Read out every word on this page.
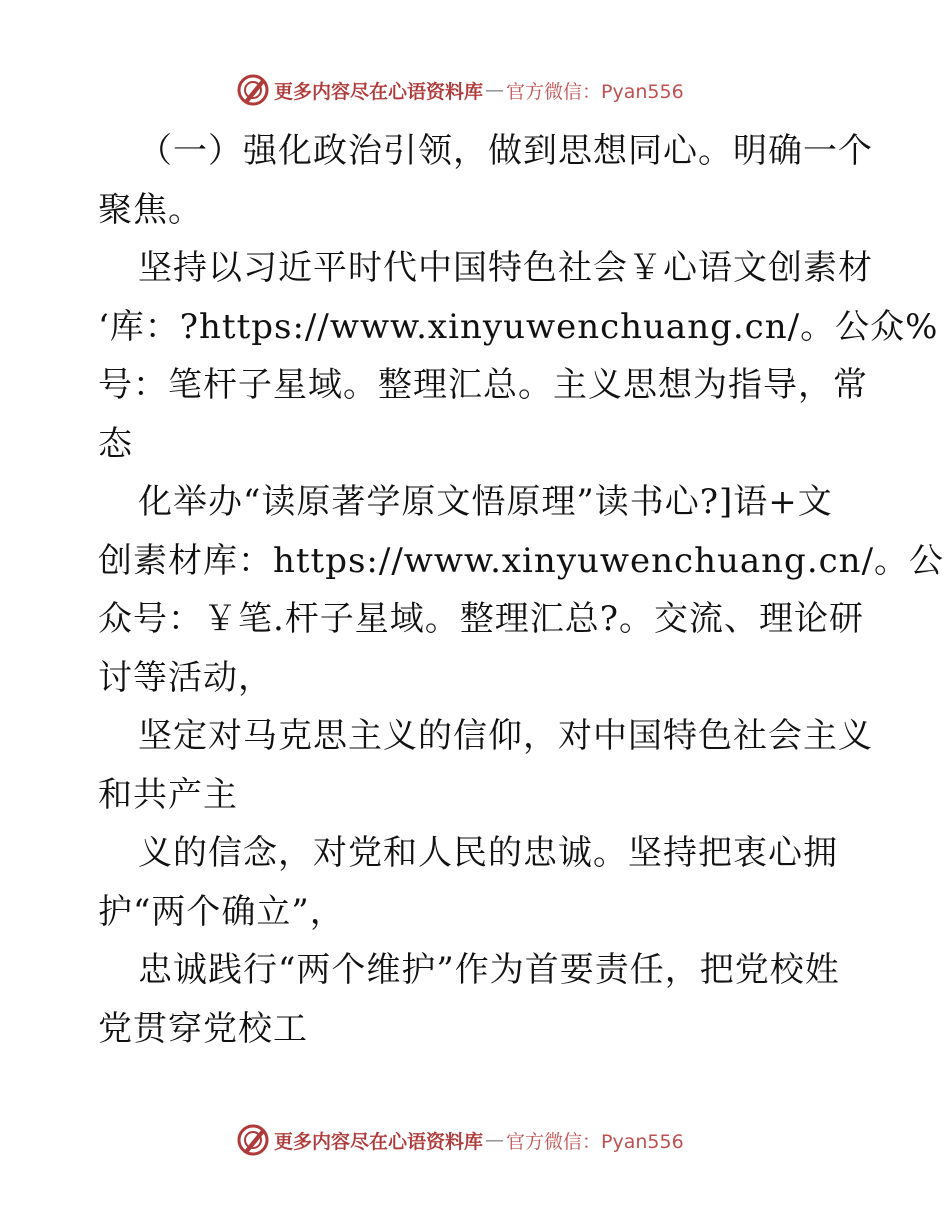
更多内容尽在心语资料库 — 官方微信：Pyan556
（一）强化政治引领，做到思想同心。明确一个
聚焦。
坚持以习近平时代中国特色社会￥心语文创素材
‘库：?https://www.xinyuwenchuang.cn/。公众%
号：笔杆子星域。整理汇总。主义思想为指导，常
态
化举办“读原著学原文悟原理”读书心?]语+文
创素材库：https://www.xinyuwenchuang.cn/。公
众号：￥笔.杆子星域。整理汇总?。交流、理论研
讨等活动，
坚定对马克思主义的信仰，对中国特色社会主义
和共产主
义的信念，对党和人民的忠诚。坚持把衷心拥
护“两个确立”，
忠诚践行“两个维护”作为首要责任，把党校姓
党贯穿党校工
更多内容尽在心语资料库 — 官方微信：Pyan556
